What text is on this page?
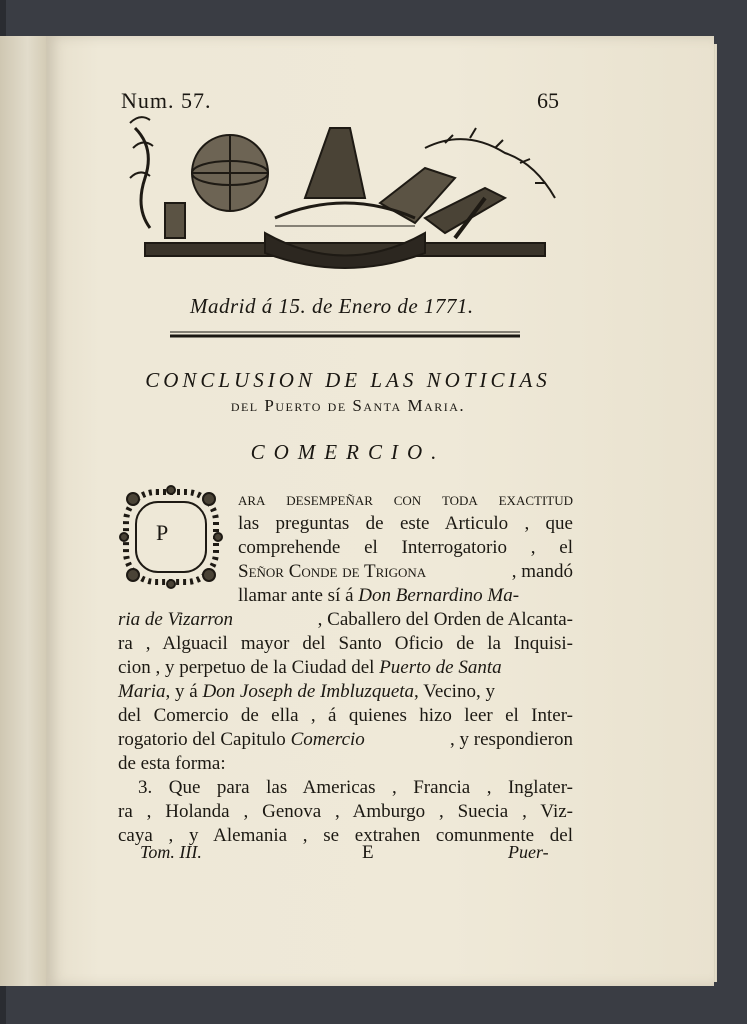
Num. 57.	65
Madrid á 15. de Enero de 1771.
CONCLUSION DE LAS NOTICIAS
del Puerto de Santa Maria.
COMERCIO.
P
ara desempeñar con toda exactitud
las preguntas de este Articulo , que
comprehende el Interrogatorio , el
Señor Conde de Trigona	, mandó
llamar ante sí á Don Bernardino Ma-
ria de Vizarron	, Caballero del Orden de Alcanta-
ra , Alguacil mayor del Santo Oficio de la Inquisi-
cion , y perpetuo de la Ciudad del Puerto de Santa
Maria, y á Don Joseph de Imbluzqueta, Vecino, y
del Comercio de ella , á quienes hizo leer el Inter-
rogatorio del Capitulo Comercio	, y respondieron
de esta forma:
3. Que para las Americas , Francia , Inglater-
ra , Holanda , Genova , Amburgo , Suecia , Viz-
caya , y Alemania , se extrahen comunmente del
Tom. III.	E	Puer-
